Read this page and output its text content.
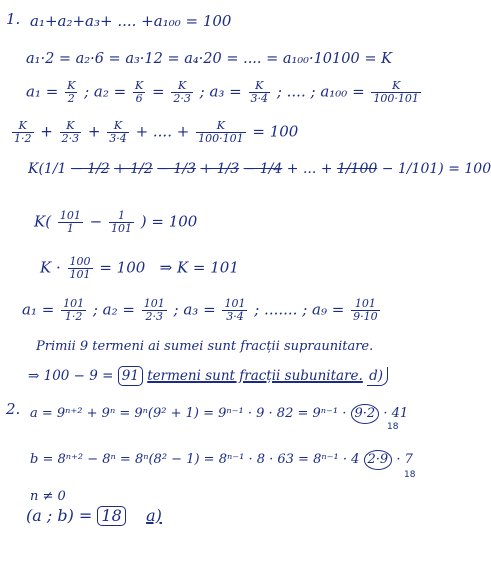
1. a₁+a₂+a₃+ .... +a₁₀₀ = 100
a₁·2 = a₂·6 = a₃·12 = a₄·20 = .... = a₁₀₀·10100 = K
$a_1 = \frac{K}{2}$ ; $a_2 = \frac{K}{6} = \frac{K}{2\cdot 3}$ ; $a_3 = \frac{K}{3\cdot 4}$ ; .... ; $a_{100} = \frac{K}{100\cdot 101}$
$\frac{K}{1\cdot 2} + \frac{K}{2\cdot 3} + \frac{K}{3\cdot 4}$ + .... + $\frac{K}{100\cdot 101} = 100$
K(1/1 − 1/2 + 1/2 − 1/3 + 1/3 − 1/4 + ... + 1/100 − 1/101) = 100
$K( \frac{101}{1} - \frac{1}{101}$ ) = 100
$K \cdot \frac{100}{101} = 100$ ⇒ K = 101
$a_1 = \frac{101}{1\cdot 2}$ ; $a_2 = \frac{101}{2\cdot 3}$ ; $a_3 = \frac{101}{3\cdot 4}$ ; ....... ; $a_9 = \frac{101}{9\cdot 10}$
Primii 9 termeni ai sumei sunt fracții supraunitare.
⇒ 100 − 9 = 91 termeni sunt fracții subunitare. d)
2. a = 9ⁿ⁺² + 9ⁿ = 9ⁿ(9² + 1) = 9ⁿ⁻¹ · 9 · 82 = 9ⁿ⁻¹ · 9·2 · 41
18
b = 8ⁿ⁺² − 8ⁿ = 8ⁿ(8² − 1) = 8ⁿ⁻¹ · 8 · 63 = 8ⁿ⁻¹ · 4 2·9 · 7
18
n ≠ 0
(a ; b) = 18 a)
